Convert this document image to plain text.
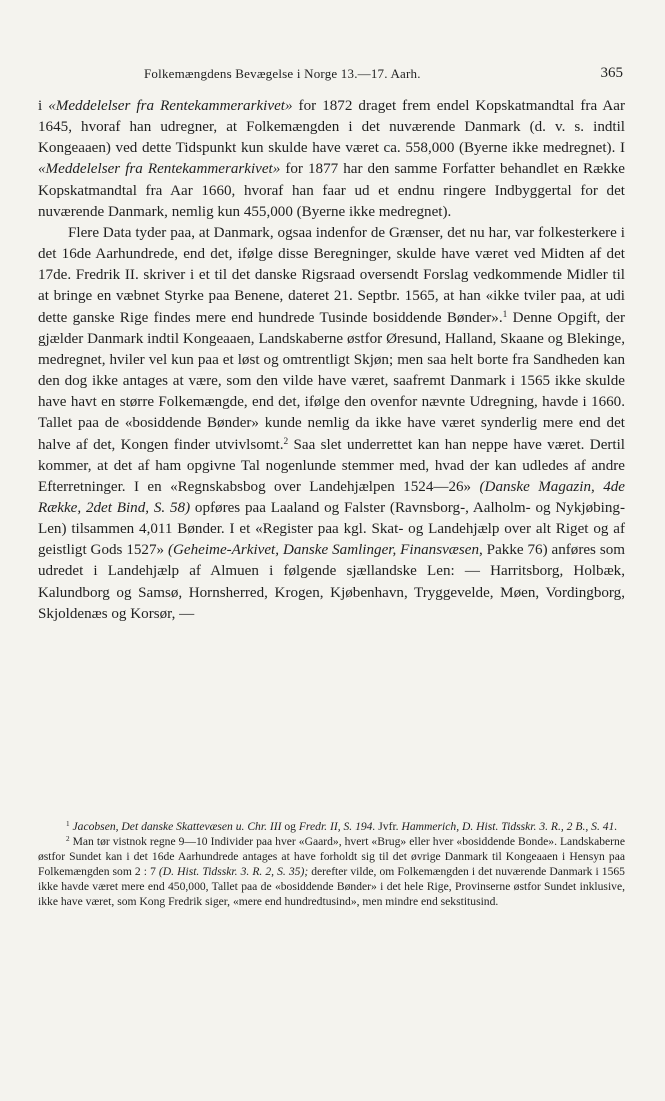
Folkemængdens Bevægelse i Norge 13.—17. Aarh.	365

i «Meddelelser fra Rentekammerarkivet» for 1872 draget frem endel Kopskatmandtal fra Aar 1645, hvoraf han udregner, at Folkemængden i det nuværende Danmark (d. v. s. indtil Kongeaaen) ved dette Tidspunkt kun skulde have været ca. 558,000 (Byerne ikke medregnet). I «Meddelelser fra Rentekammerarkivet» for 1877 har den samme Forfatter behandlet en Række Kopskatmandtal fra Aar 1660, hvoraf han faar ud et endnu ringere Indbyggertal for det nuværende Danmark, nemlig kun 455,000 (Byerne ikke medregnet).

Flere Data tyder paa, at Danmark, ogsaa indenfor de Grænser, det nu har, var folkesterkere i det 16de Aarhundrede, end det, ifølge disse Beregninger, skulde have været ved Midten af det 17de. Fredrik II. skriver i et til det danske Rigsraad oversendt Forslag vedkommende Midler til at bringe en væbnet Styrke paa Benene, dateret 21. Septbr. 1565, at han «ikke tviler paa, at udi dette ganske Rige findes mere end hundrede Tusinde bosiddende Bønder».$^1$ Denne Opgift, der gjælder Danmark indtil Kongeaaen, Landskaberne østfor Øresund, Halland, Skaane og Blekinge, medregnet, hviler vel kun paa et løst og omtrentligt Skjøn; men saa helt borte fra Sandheden kan den dog ikke antages at være, som den vilde have været, saafremt Danmark i 1565 ikke skulde have havt en større Folkemængde, end det, ifølge den ovenfor nævnte Udregning, havde i 1660. Tallet paa de «bosiddende Bønder» kunde nemlig da ikke have været synderlig mere end det halve af det, Kongen finder utvivlsomt.$^2$ Saa slet underrettet kan han neppe have været. Dertil kommer, at det af ham opgivne Tal nogenlunde stemmer med, hvad der kan udledes af andre Efterretninger. I en «Regnskabsbog over Landehjælpen 1524—26» (Danske Magazin, 4de Række, 2det Bind, S. 58) opføres paa Laaland og Falster (Ravnsborg-, Aalholm- og Nykjøbing-Len) tilsammen 4,011 Bønder. I et «Register paa kgl. Skat- og Landehjælp over alt Riget og af geistligt Gods 1527» (Geheime-Arkivet, Danske Samlinger, Finansvæsen, Pakke 76) anføres som udredet i Landehjælp af Almuen i følgende sjællandske Len: — Harritsborg, Holbæk, Kalundborg og Samsø, Hornsherred, Krogen, Kjøbenhavn, Tryggevelde, Møen, Vordingborg, Skjoldenæs og Korsør, —

$^1$ Jacobsen, Det danske Skattevæsen u. Chr. III og Fredr. II, S. 194. Jvfr. Hammerich, D. Hist. Tidsskr. 3. R., 2 B., S. 41.

$^2$ Man tør vistnok regne 9—10 Individer paa hver «Gaard», hvert «Brug» eller hver «bosiddende Bonde». Landskaberne østfor Sundet kan i det 16de Aarhundrede antages at have forholdt sig til det øvrige Danmark til Kongeaaen i Hensyn paa Folkemængden som 2 : 7 (D. Hist. Tidsskr. 3. R. 2, S. 35); derefter vilde, om Folkemængden i det nuværende Danmark i 1565 ikke havde været mere end 450,000, Tallet paa de «bosiddende Bønder» i det hele Rige, Provinserne østfor Sundet inklusive, ikke have været, som Kong Fredrik siger, «mere end hundredtusind», men mindre end sekstitusind.
